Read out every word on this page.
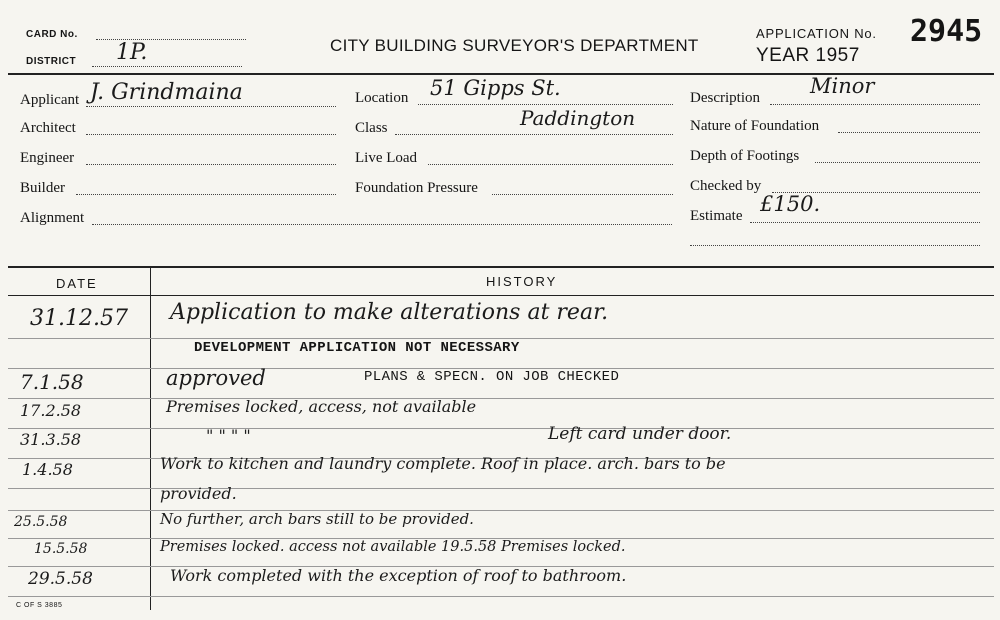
CARD No.
DISTRICT 1P.	CITY BUILDING SURVEYOR'S DEPARTMENT
APPLICATION No. 2945
YEAR 1957
Applicant J. Grindmaina
Architect
Engineer
Builder
Alignment
Location 51 Gipps St.
Class	Paddington
Live Load
Foundation Pressure
Description Minor
Nature of Foundation
Depth of Footings
Checked by
Estimate £150.
DATE	HISTORY
31.12.57 Application to make alterations at rear.
DEVELOPMENT APPLICATION NOT NECESSARY
7.1.58	approved	PLANS & SPECN. ON JOB CHECKED
17.2.58	Premises locked, access, not available
31.3.58	" " " "	Left card under door.
1.4.58	Work to kitchen and laundry complete. Roof in place. arch. bars to be
provided.
25.5.58	No further, arch bars still to be provided.
15.5.58	Premises locked. access not available 19.5.58 Premises locked.
29.5.58	Work completed with the exception of roof to bathroom.
C OF S 3885
